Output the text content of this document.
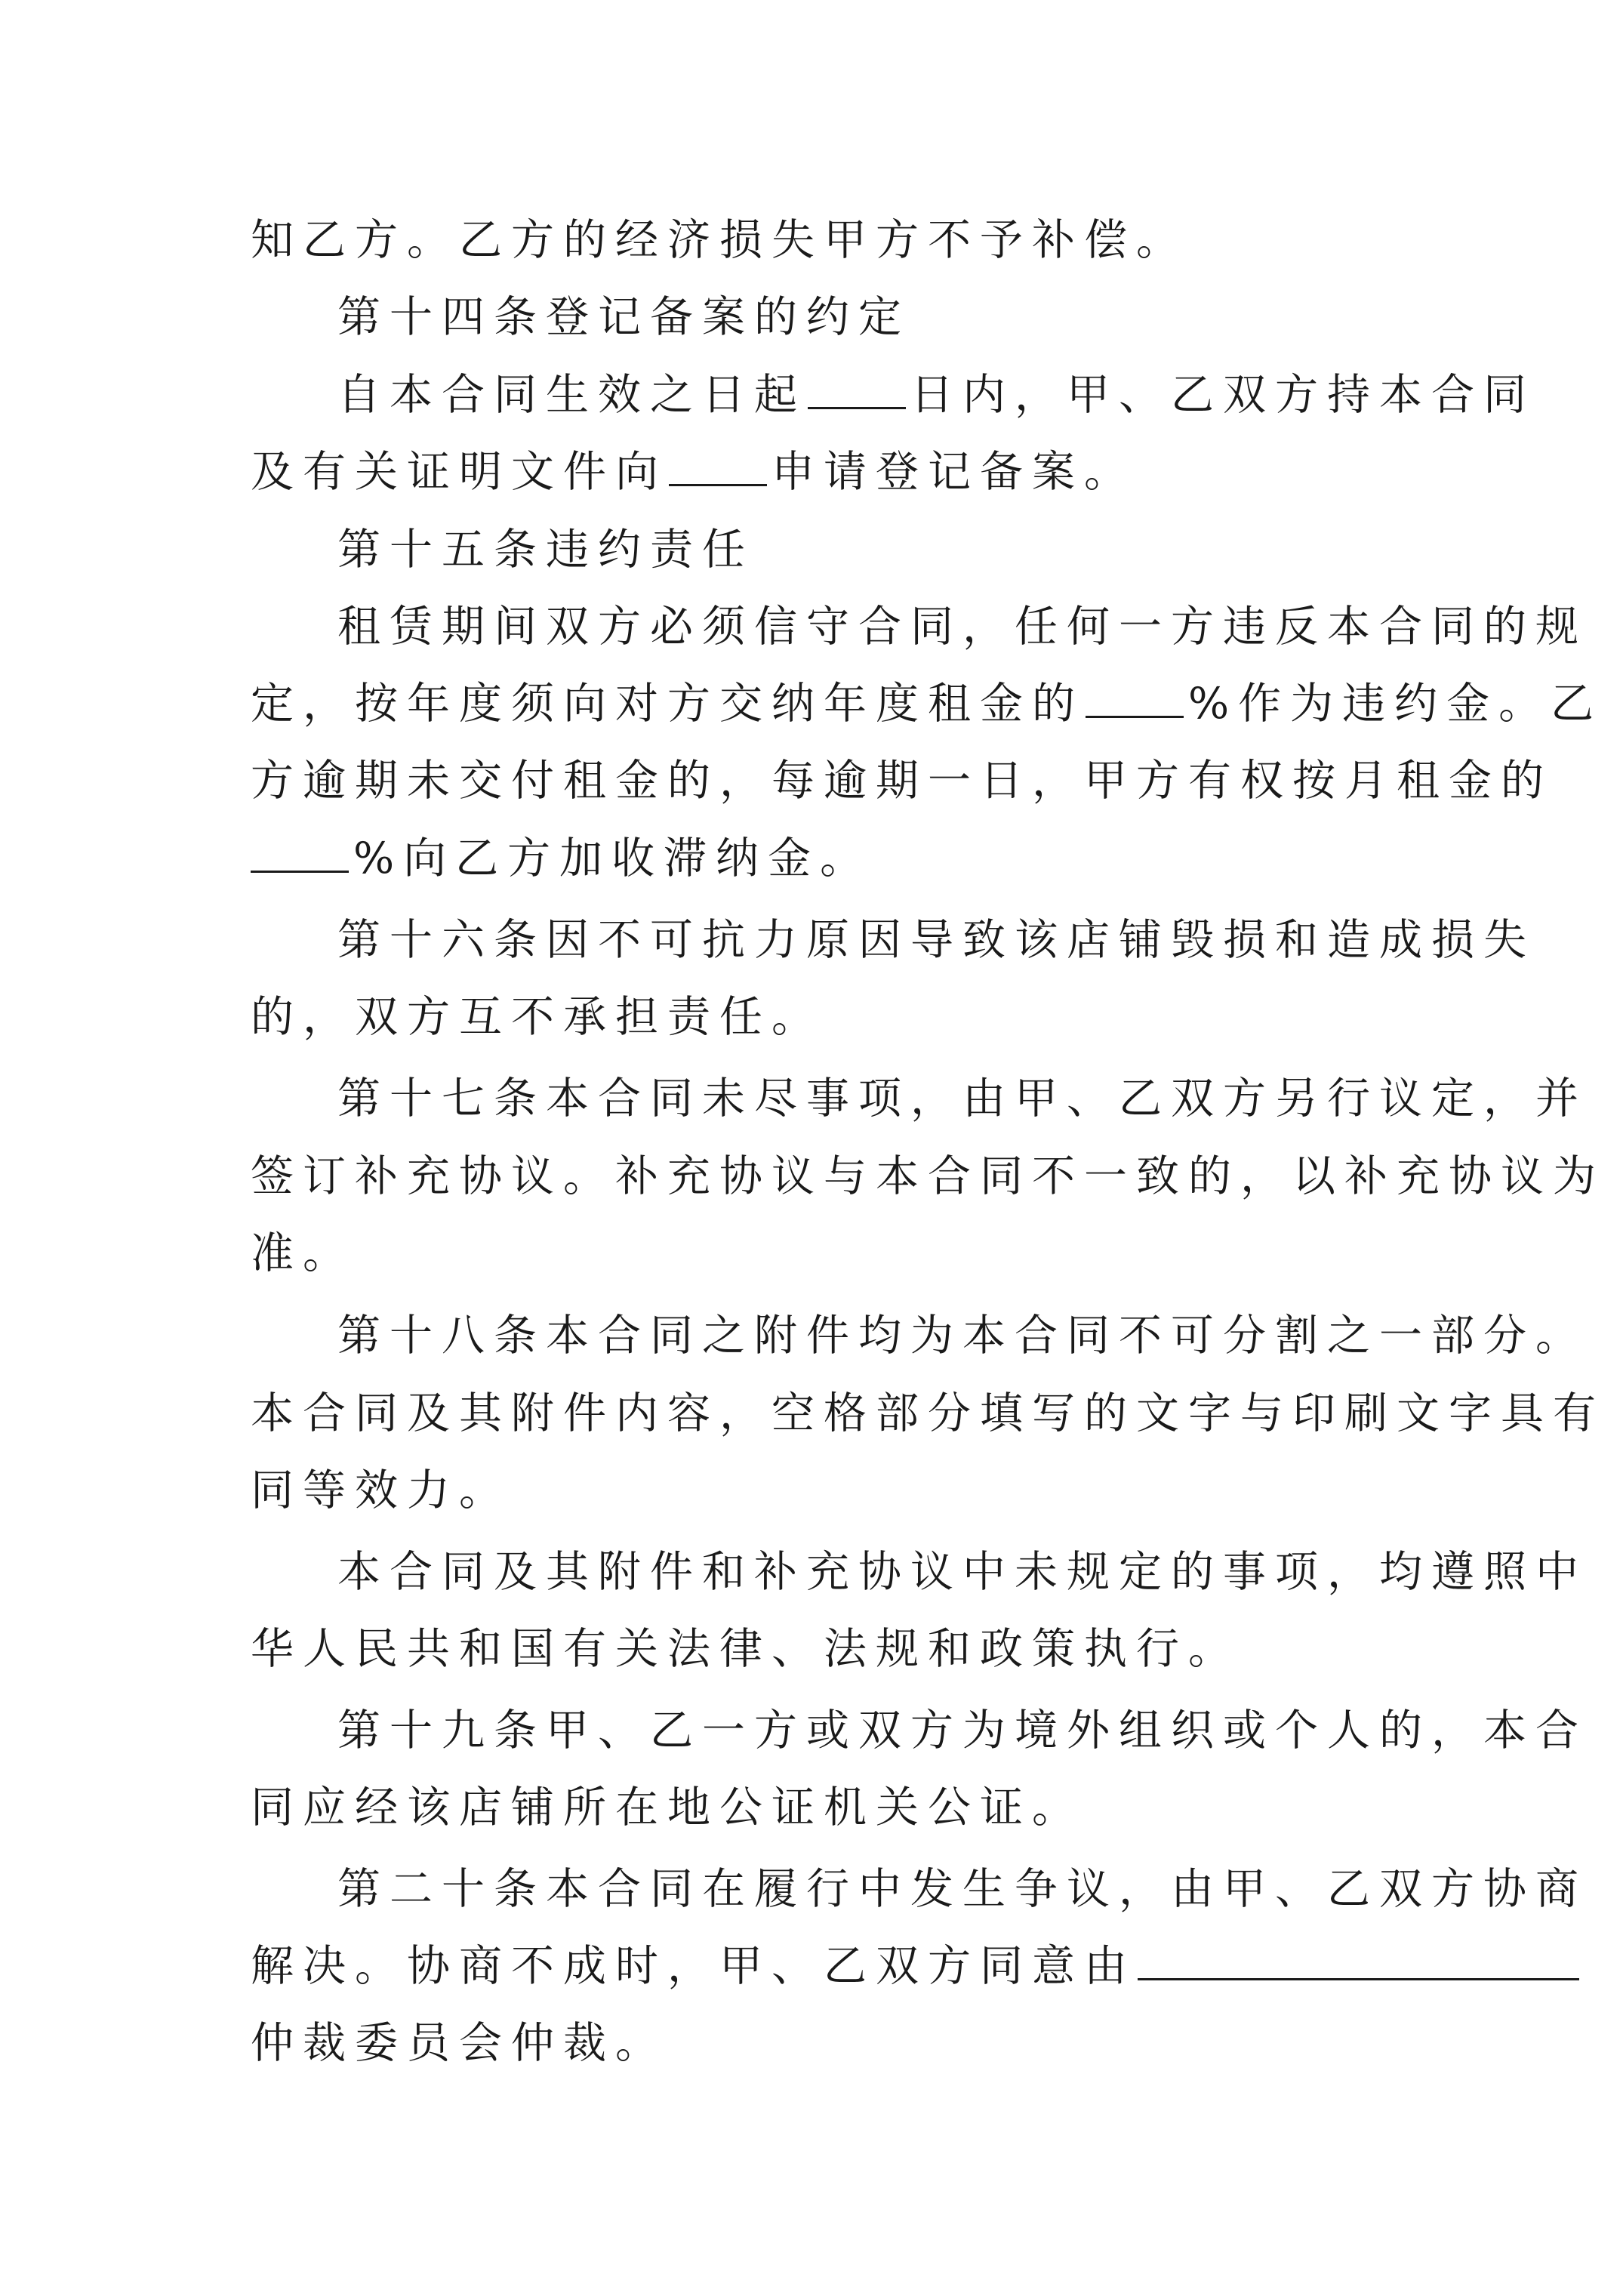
知乙方。乙方的经济损失甲方不予补偿。
第十四条登记备案的约定
自本合同生效之日起 日内，甲、乙双方持本合同
及有关证明文件向 申请登记备案。
第十五条违约责任
租赁期间双方必须信守合同，任何一方违反本合同的规
定，按年度须向对方交纳年度租金的 %作为违约金。乙
方逾期未交付租金的，每逾期一日，甲方有权按月租金的
%向乙方加收滞纳金。
第十六条因不可抗力原因导致该店铺毁损和造成损失
的，双方互不承担责任。
第十七条本合同未尽事项，由甲、乙双方另行议定，并
签订补充协议。补充协议与本合同不一致的，以补充协议为
准。
第十八条本合同之附件均为本合同不可分割之一部分。
本合同及其附件内容，空格部分填写的文字与印刷文字具有
同等效力。
本合同及其附件和补充协议中未规定的事项，均遵照中
华人民共和国有关法律、法规和政策执行。
第十九条甲、乙一方或双方为境外组织或个人的，本合
同应经该店铺所在地公证机关公证。
第二十条本合同在履行中发生争议，由甲、乙双方协商
解决。协商不成时，甲、乙双方同意由
仲裁委员会仲裁。
